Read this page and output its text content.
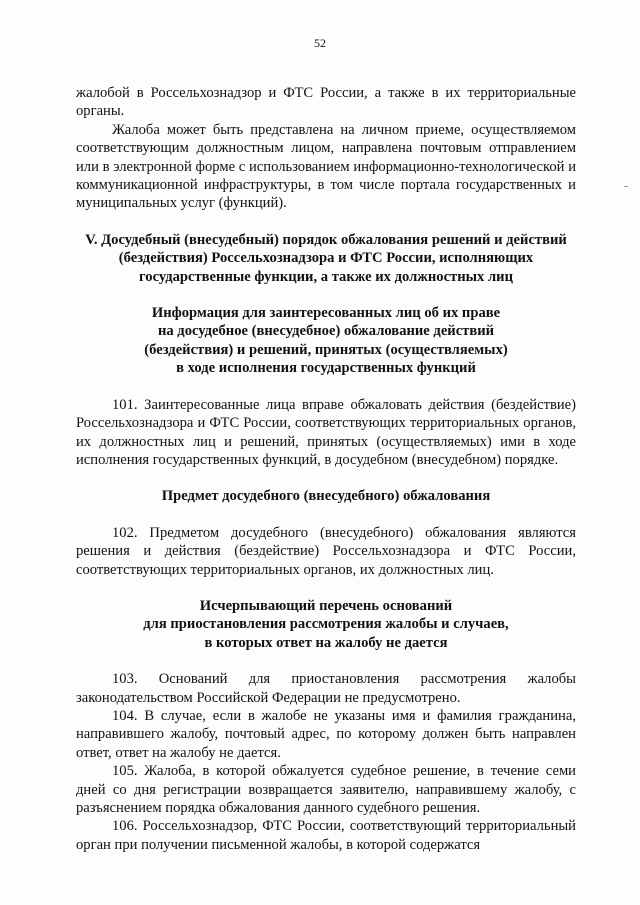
52

жалобой в Россельхознадзор и ФТС России, а также в их территориальные органы.

Жалоба может быть представлена на личном приеме, осуществляемом соответствующим должностным лицом, направлена почтовым отправлением или в электронной форме с использованием информационно-технологической и коммуникационной инфраструктуры, в том числе портала государственных и муниципальных услуг (функций).

V. Досудебный (внесудебный) порядок обжалования решений и действий
(бездействия) Россельхознадзора и ФТС России, исполняющих
государственные функции, а также их должностных лиц
Информация для заинтересованных лиц об их праве
на досудебное (внесудебное) обжалование действий
(бездействия) и решений, принятых (осуществляемых)
в ходе исполнения государственных функций

101. Заинтересованные лица вправе обжаловать действия (бездействие) Россельхознадзора и ФТС России, соответствующих территориальных органов, их должностных лиц и решений, принятых (осуществляемых) ими в ходе исполнения государственных функций, в досудебном (внесудебном) порядке.

Предмет досудебного (внесудебного) обжалования

102. Предметом досудебного (внесудебного) обжалования являются решения и действия (бездействие) Россельхознадзора и ФТС России, соответствующих территориальных органов, их должностных лиц.

Исчерпывающий перечень оснований
для приостановления рассмотрения жалобы и случаев,
в которых ответ на жалобу не дается

103. Оснований для приостановления рассмотрения жалобы законодательством Российской Федерации не предусмотрено.

104. В случае, если в жалобе не указаны имя и фамилия гражданина, направившего жалобу, почтовый адрес, по которому должен быть направлен ответ, ответ на жалобу не дается.

105. Жалоба, в которой обжалуется судебное решение, в течение семи дней со дня регистрации возвращается заявителю, направившему жалобу, с разъяснением порядка обжалования данного судебного решения.

106. Россельхознадзор, ФТС России, соответствующий территориальный орган при получении письменной жалобы, в которой содержатся
